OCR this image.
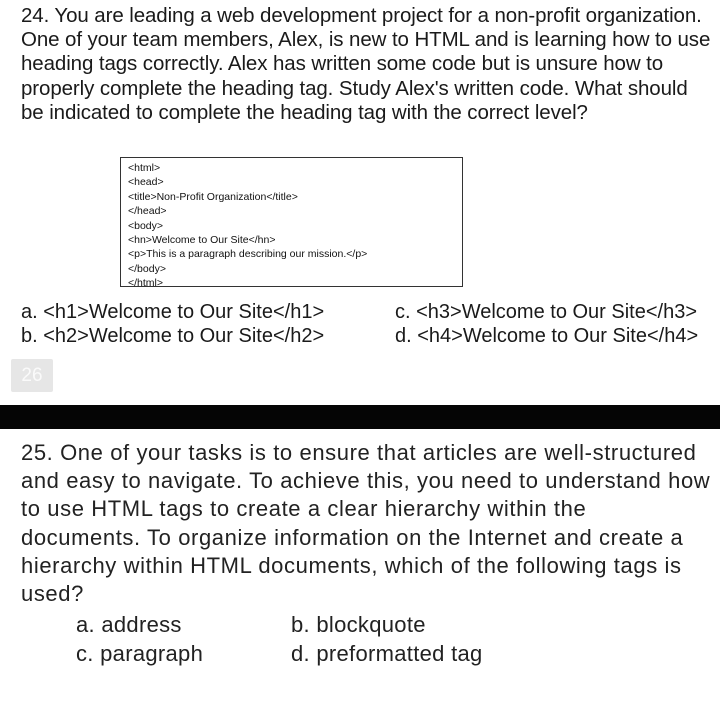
24. You are leading a web development project for a non-profit organization. One of your team members, Alex, is new to HTML and is learning how to use heading tags correctly. Alex has written some code but is unsure how to properly complete the heading tag. Study Alex's written code. What should be indicated to complete the heading tag with the correct level?
<html>
<head>
<title>Non-Profit Organization</title>
</head>
<body>
<hn>Welcome to Our Site</hn>
<p>This is a paragraph describing our mission.</p>
</body>
</html>
a. <h1>Welcome to Our Site</h1>
b. <h2>Welcome to Our Site</h2>
c. <h3>Welcome to Our Site</h3>
d. <h4>Welcome to Our Site</h4>
26
25. One of your tasks is to ensure that articles are well-structured and easy to navigate. To achieve this, you need to understand how to use HTML tags to create a clear hierarchy within the documents. To organize information on the Internet and create a hierarchy within HTML documents, which of the following tags is used?
a. address	b. blockquote
c. paragraph	d. preformatted tag
